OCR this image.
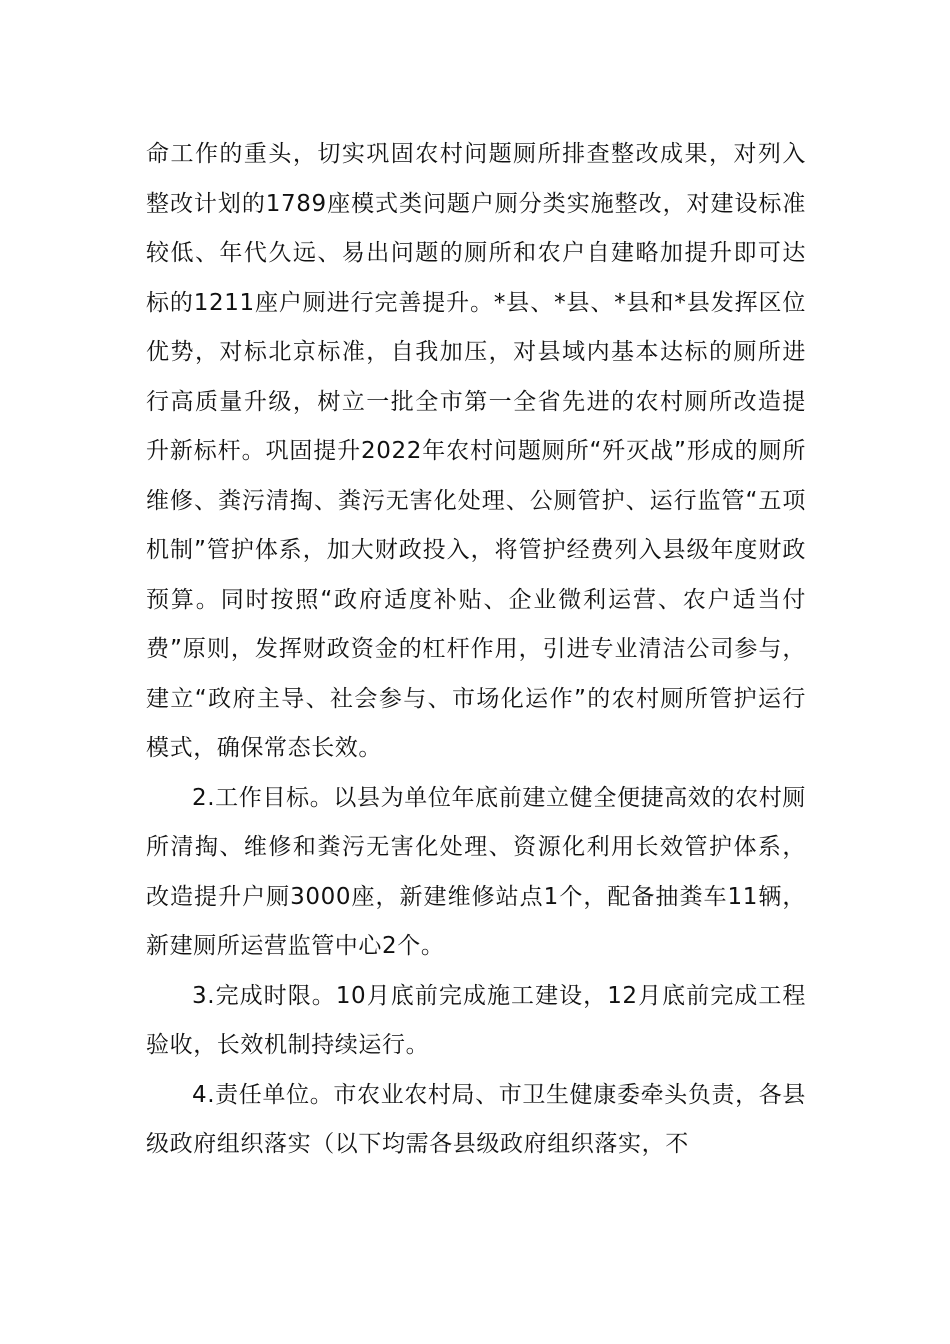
命工作的重头，切实巩固农村问题厕所排查整改成果，对列入整改计划的1789座模式类问题户厕分类实施整改，对建设标准较低、年代久远、易出问题的厕所和农户自建略加提升即可达标的1211座户厕进行完善提升。*县、*县、*县和*县发挥区位优势，对标北京标准，自我加压，对县域内基本达标的厕所进行高质量升级，树立一批全市第一全省先进的农村厕所改造提升新标杆。巩固提升2022年农村问题厕所“歼灭战”形成的厕所维修、粪污清掏、粪污无害化处理、公厕管护、运行监管“五项机制”管护体系，加大财政投入，将管护经费列入县级年度财政预算。同时按照“政府适度补贴、企业微利运营、农户适当付费”原则，发挥财政资金的杠杆作用，引进专业清洁公司参与，建立“政府主导、社会参与、市场化运作”的农村厕所管护运行模式，确保常态长效。

2.工作目标。以县为单位年底前建立健全便捷高效的农村厕所清掏、维修和粪污无害化处理、资源化利用长效管护体系，改造提升户厕3000座，新建维修站点1个，配备抽粪车11辆，新建厕所运营监管中心2个。

3.完成时限。10月底前完成施工建设，12月底前完成工程验收，长效机制持续运行。

4.责任单位。市农业农村局、市卫生健康委牵头负责，各县级政府组织落实（以下均需各县级政府组织落实，不
